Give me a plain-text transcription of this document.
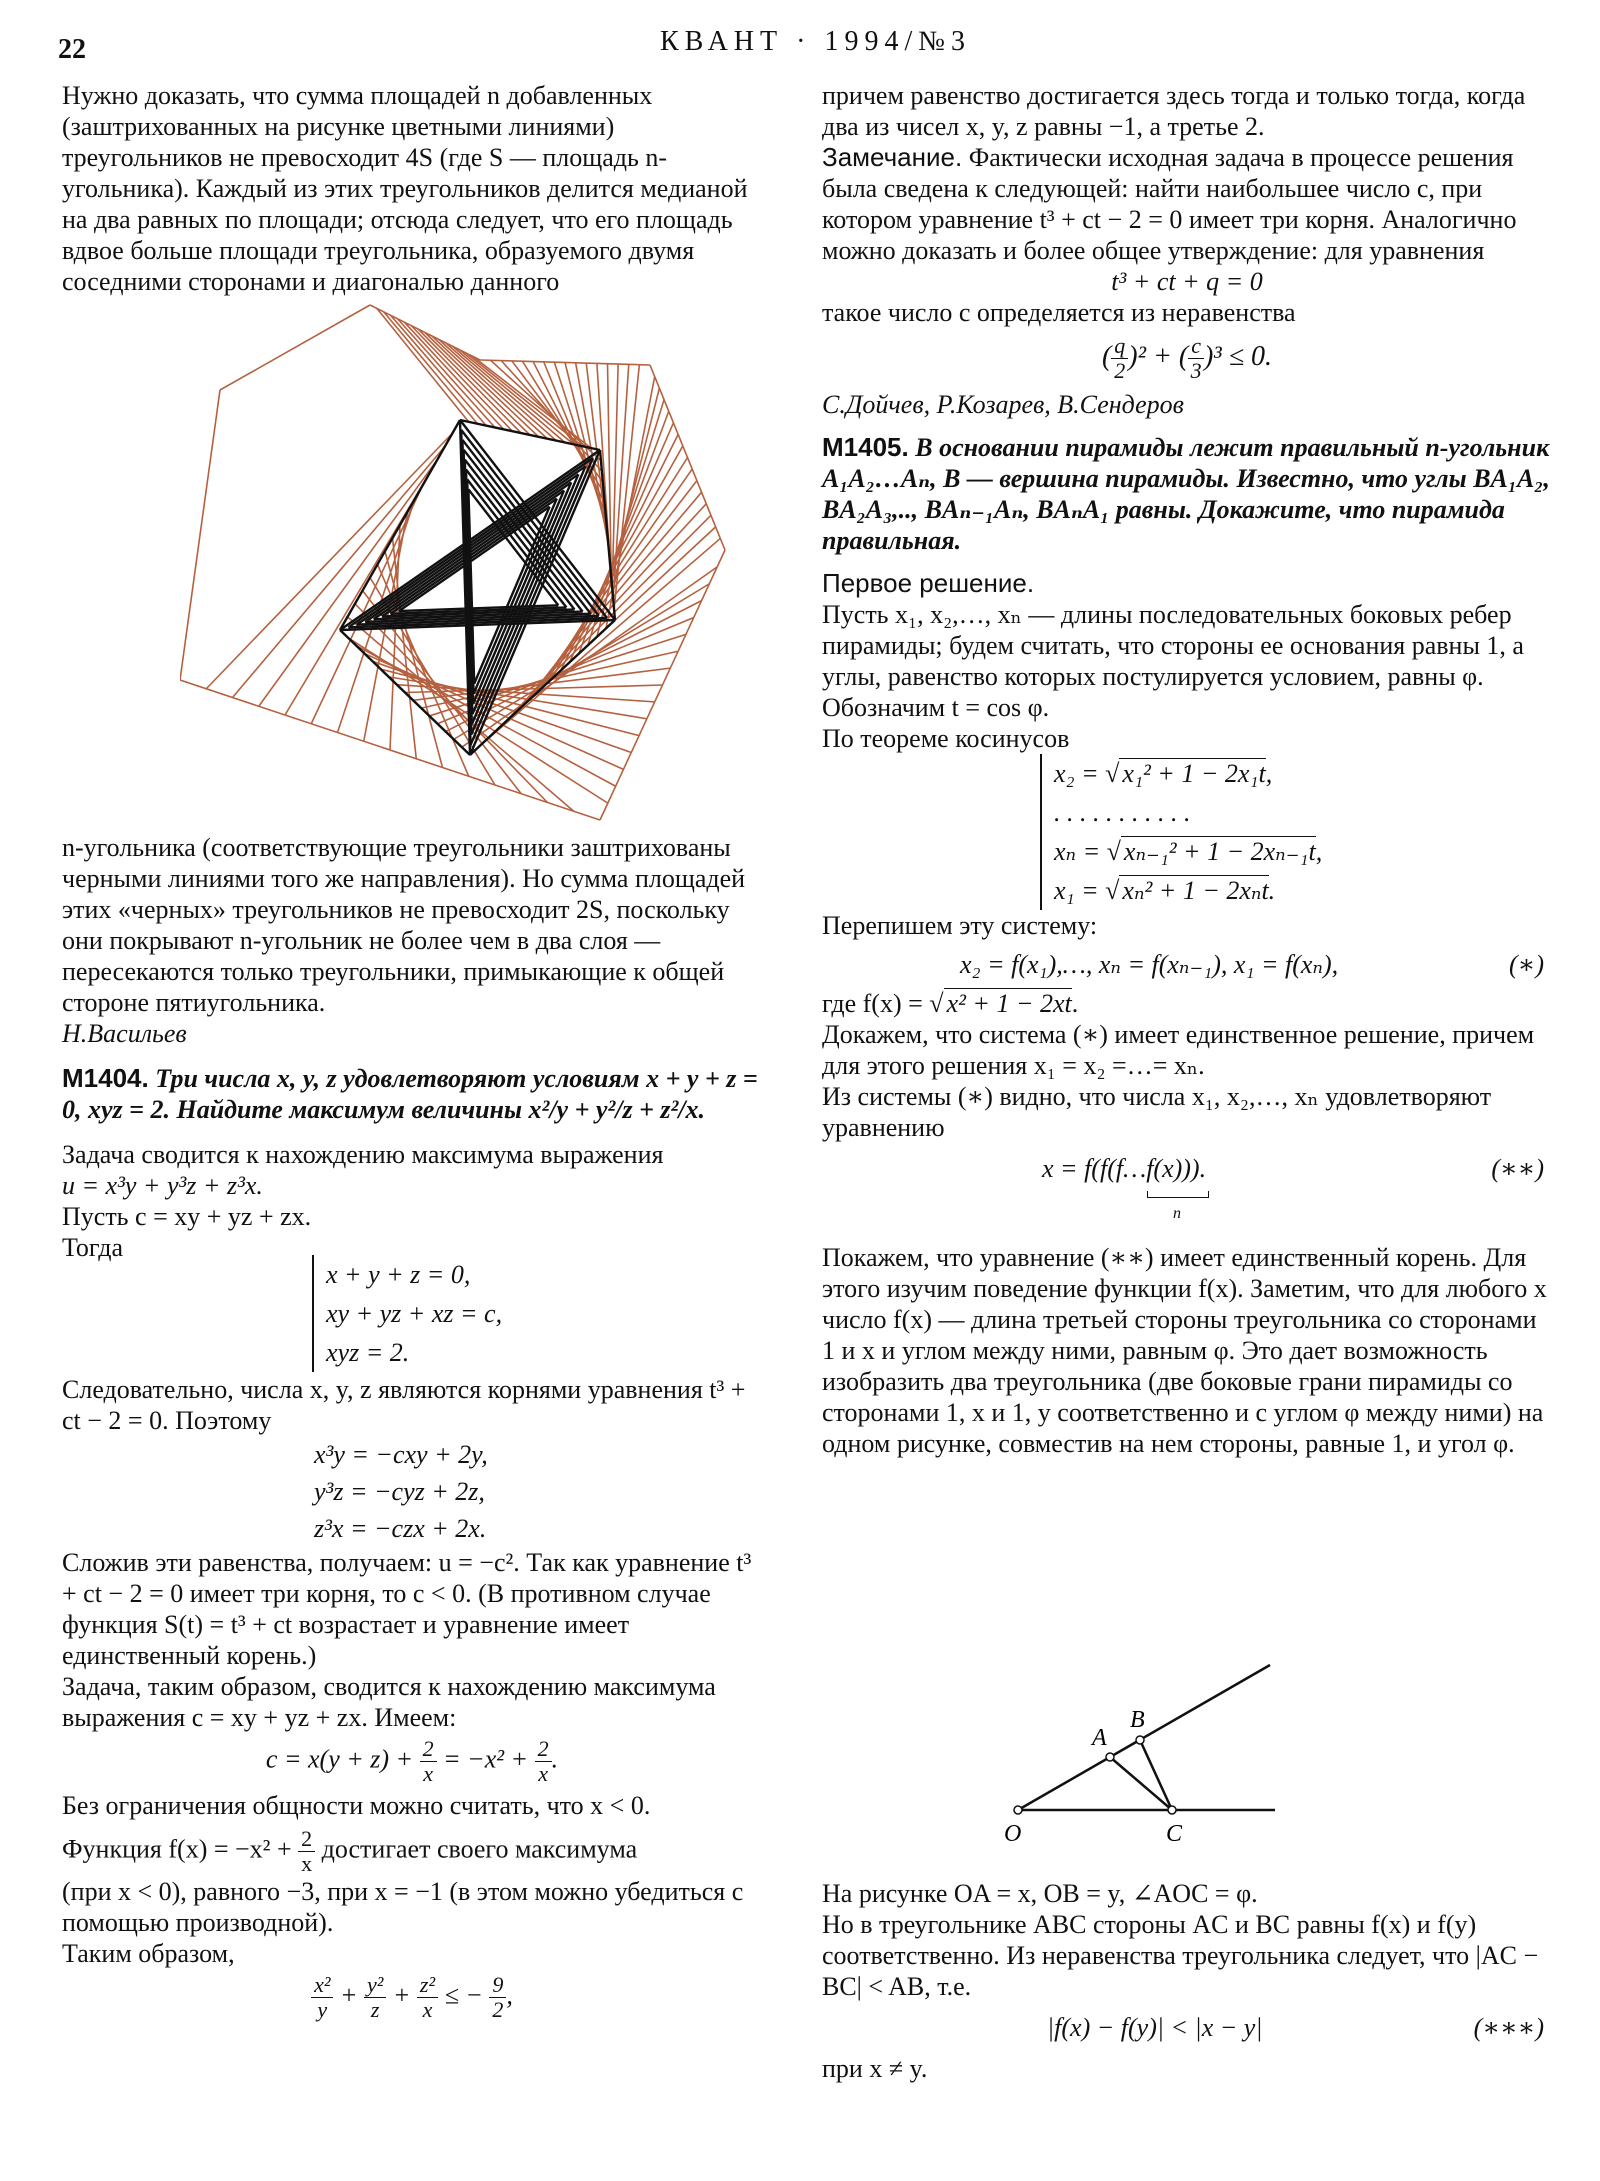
22	КВАНТ · 1994/№3

Нужно доказать, что сумма площадей n добавленных (заштрихованных на рисунке цветными линиями) треугольников не превосходит 4S (где S — площадь n-угольника). Каждый из этих треугольников делится медианой на два равных по площади; отсюда следует, что его площадь вдвое больше площади треугольника, образуемого двумя соседними сторонами и диагональю данного

n-угольника (соответствующие треугольники заштрихованы черными линиями того же направления). Но сумма площадей этих «черных» треугольников не превосходит 2S, поскольку они покрывают n-угольник не более чем в два слоя — пересекаются только треугольники, примыкающие к общей стороне пятиугольника.

Н.Васильев

М1404. Три числа x, y, z удовлетворяют условиям x + y + z = 0, xyz = 2. Найдите максимум величины x²/y + y²/z + z²/x.

Задача сводится к нахождению максимума выражения

u = x³y + y³z + z³x.

Пусть c = xy + yz + zx.

Тогда

x + y + z = 0,
xy + yz + xz = c,
xyz = 2.

Следовательно, числа x, y, z являются корнями уравнения t³ + ct − 2 = 0. Поэтому

x³y = −cxy + 2y,
y³z = −cyz + 2z,
z³x = −czx + 2x.

Сложив эти равенства, получаем: u = −c². Так как уравнение t³ + ct − 2 = 0 имеет три корня, то c < 0. (В противном случае функция S(t) = t³ + ct возрастает и уравнение имеет единственный корень.)

Задача, таким образом, сводится к нахождению максимума выражения c = xy + yz + zx. Имеем:

$c = x(y + z) + \frac{2}{x} = -x^2 + \frac{2}{x}$ .

Без ограничения общности можно считать, что x < 0.

Функция $f(x) = -x^2 + \frac{2}{x}$ достигает своего максимума

(при x < 0), равного −3, при x = −1 (в этом можно убедиться с помощью производной).

Таким образом,

$\frac{\text{x²}}{y} + \frac{\text{y²}}{z} + \frac{\text{z²}}{x}$ ≤ − $\frac{9}{2}$ ,

причем равенство достигается здесь тогда и только тогда, когда два из чисел x, y, z равны −1, а третье 2.

Замечание. Фактически исходная задача в процессе решения была сведена к следующей: найти наибольшее число c, при котором уравнение t³ + ct − 2 = 0 имеет три корня. Аналогично можно доказать и более общее утверждение: для уравнения

t³ + ct + q = 0

такое число c определяется из неравенства

( $\frac{q}{2} )^2$ + ( $\frac{c}{3} )^3 \le 0$.

С.Дойчев, Р.Козарев, В.Сендеров

М1405. В основании пирамиды лежит правильный n-угольник A₁A₂…Aₙ, B — вершина пирамиды. Известно, что углы BA₁A₂, BA₂A₃,.., BAₙ₋₁Aₙ, BAₙA₁ равны. Докажите, что пирамида правильная.

Первое решение.

Пусть x₁, x₂,…, xₙ — длины последовательных боковых ребер пирамиды; будем считать, что стороны ее основания равны 1, а углы, равенство которых постулируется условием, равны φ. Обозначим t = cos φ.

По теореме косинусов

x₂ = √ x₁² + 1 − 2x₁t,
. . . . . . . . . . .
xₙ = √ xₙ₋₁² + 1 − 2xₙ₋₁t,
x₁ = √ xₙ² + 1 − 2xₙt.

Перепишем эту систему:

x₂ = f(x₁),…, xₙ = f(xₙ₋₁), x₁ = f(xₙ),	(∗)

где f(x) = √ x² + 1 − 2xt.

Докажем, что система (∗) имеет единственное решение, причем для этого решения x₁ = x₂ =…= xₙ.

Из системы (∗) видно, что числа x₁, x₂,…, xₙ удовлетворяют уравнению

x = f(f(f…f(x))).	(∗∗)

n

Покажем, что уравнение (∗∗) имеет единственный корень. Для этого изучим поведение функции f(x). Заметим, что для любого x число f(x) — длина третьей стороны треугольника со сторонами 1 и x и углом между ними, равным φ. Это дает возможность изобразить два треугольника (две боковые грани пирамиды со сторонами 1, x и 1, y соответственно и с углом φ между ними) на одном рисунке, совместив на нем стороны, равные 1, и угол φ.

A
B
O	C

На рисунке OA = x, OB = y, ∠AOC = φ.

Но в треугольнике ABC стороны AC и BC равны f(x) и f(y) соответственно. Из неравенства треугольника следует, что |AC − BC| < AB, т.е.

|f(x) − f(y)| < |x − y|	(∗∗∗)

при x ≠ y.
